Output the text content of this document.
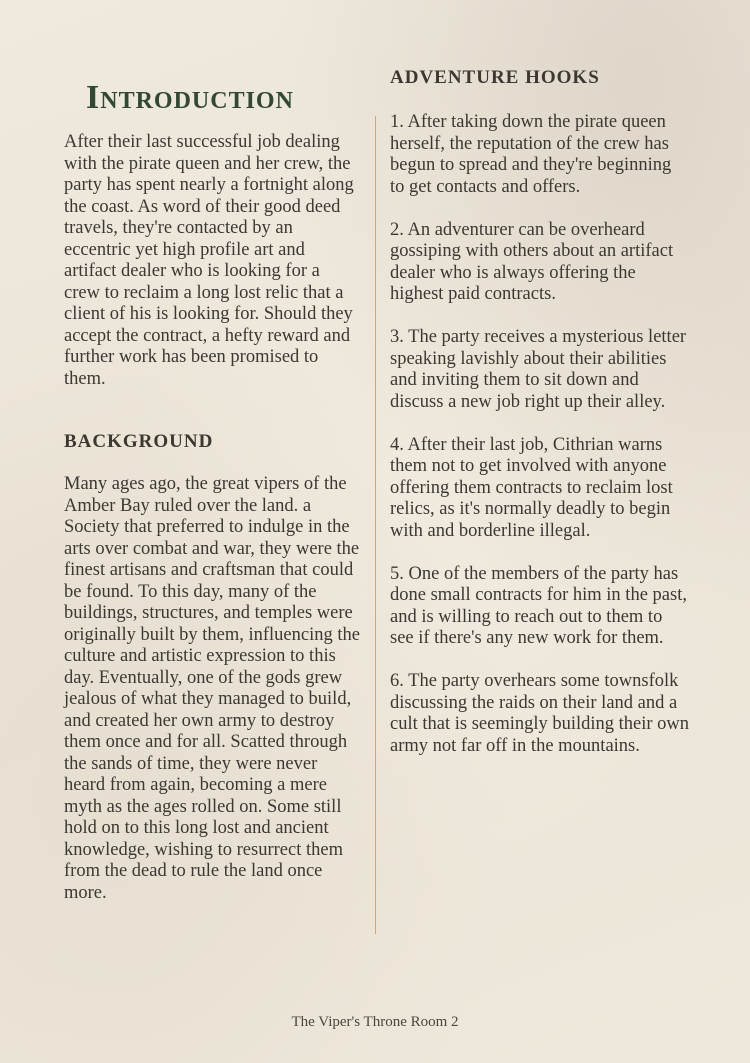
Introduction

After their last successful job dealing with the pirate queen and her crew, the party has spent nearly a fortnight along the coast. As word of their good deed travels, they're contacted by an eccentric yet high profile art and artifact dealer who is looking for a crew to reclaim a long lost relic that a client of his is looking for. Should they accept the contract, a hefty reward and further work has been promised to them.

BACKGROUND

Many ages ago, the great vipers of the Amber Bay ruled over the land. a Society that preferred to indulge in the arts over combat and war, they were the finest artisans and craftsman that could be found. To this day, many of the buildings, structures, and temples were originally built by them, influencing the culture and artistic expression to this day. Eventually, one of the gods grew jealous of what they managed to build, and created her own army to destroy them once and for all. Scatted through the sands of time, they were never heard from again, becoming a mere myth as the ages rolled on. Some still hold on to this long lost and ancient knowledge, wishing to resurrect them from the dead to rule the land once more.

ADVENTURE HOOKS

1. After taking down the pirate queen herself, the reputation of the crew has begun to spread and they're beginning to get contacts and offers.

2. An adventurer can be overheard gossiping with others about an artifact dealer who is always offering the highest paid contracts.

3. The party receives a mysterious letter speaking lavishly about their abilities and inviting them to sit down and discuss a new job right up their alley.

4. After their last job, Cithrian warns them not to get involved with anyone offering them contracts to reclaim lost relics, as it's normally deadly to begin with and borderline illegal.

5. One of the members of the party has done small contracts for him in the past, and is willing to reach out to them to see if there's any new work for them.

6. The party overhears some townsfolk discussing the raids on their land and a cult that is seemingly building their own army not far off in the mountains.

The Viper's Throne Room 2
